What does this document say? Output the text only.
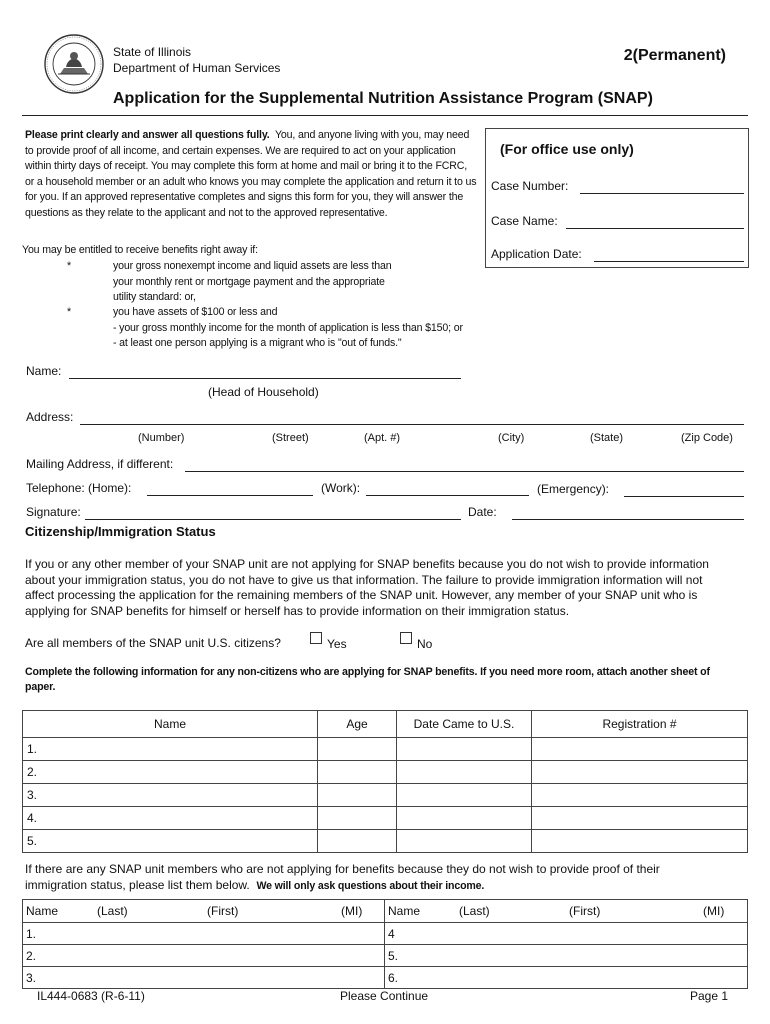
State of Illinois
Department of Human Services
2(Permanent)
Application for the Supplemental Nutrition Assistance Program (SNAP)
Please print clearly and answer all questions fully. You, and anyone living with you, may need
to provide proof of all income, and certain expenses. We are required to act on your application
within thirty days of receipt. You may complete this form at home and mail or bring it to the FCRC,
or a household member or an adult who knows you may complete the application and return it to us
for you. If an approved representative completes and signs this form for you, they will answer the
questions as they relate to the applicant and not to the approved representative.
You may be entitled to receive benefits right away if:
*	your gross nonexempt income and liquid assets are less than
your monthly rent or mortgage payment and the appropriate
utility standard: or,
*	you have assets of $100 or less and
- your gross monthly income for the month of application is less than $150; or
- at least one person applying is a migrant who is "out of funds."
(For office use only)
Case Number:
Case Name:
Application Date:
Name:
(Head of Household)
Address:
(Number)	(Street)	(Apt. #)	(City)	(State)	(Zip Code)
Mailing Address, if different:
Telephone: (Home):	(Work):	(Emergency):
Signature:	Date:
Citizenship/Immigration Status
If you or any other member of your SNAP unit are not applying for SNAP benefits because you do not wish to provide information
about your immigration status, you do not have to give us that information. The failure to provide immigration information will not
affect processing the application for the remaining members of the SNAP unit. However, any member of your SNAP unit who is
applying for SNAP benefits for himself or herself has to provide information on their immigration status.
Are all members of the SNAP unit U.S. citizens?	Yes	No
Complete the following information for any non-citizens who are applying for SNAP benefits. If you need more room, attach another sheet of
paper.
Name	Age	Date Came to U.S.	Registration #
1.			
2.			
3.			
4.			
5.			
If there are any SNAP unit members who are not applying for benefits because they do not wish to provide proof of their
immigration status, please list them below. We will only ask questions about their income.
Name (Last) (First) (MI)	Name (Last) (First) (MI)

1.	4
2.	5.
3.	6.
IL444-0683 (R-6-11)	Please Continue	Page 1
